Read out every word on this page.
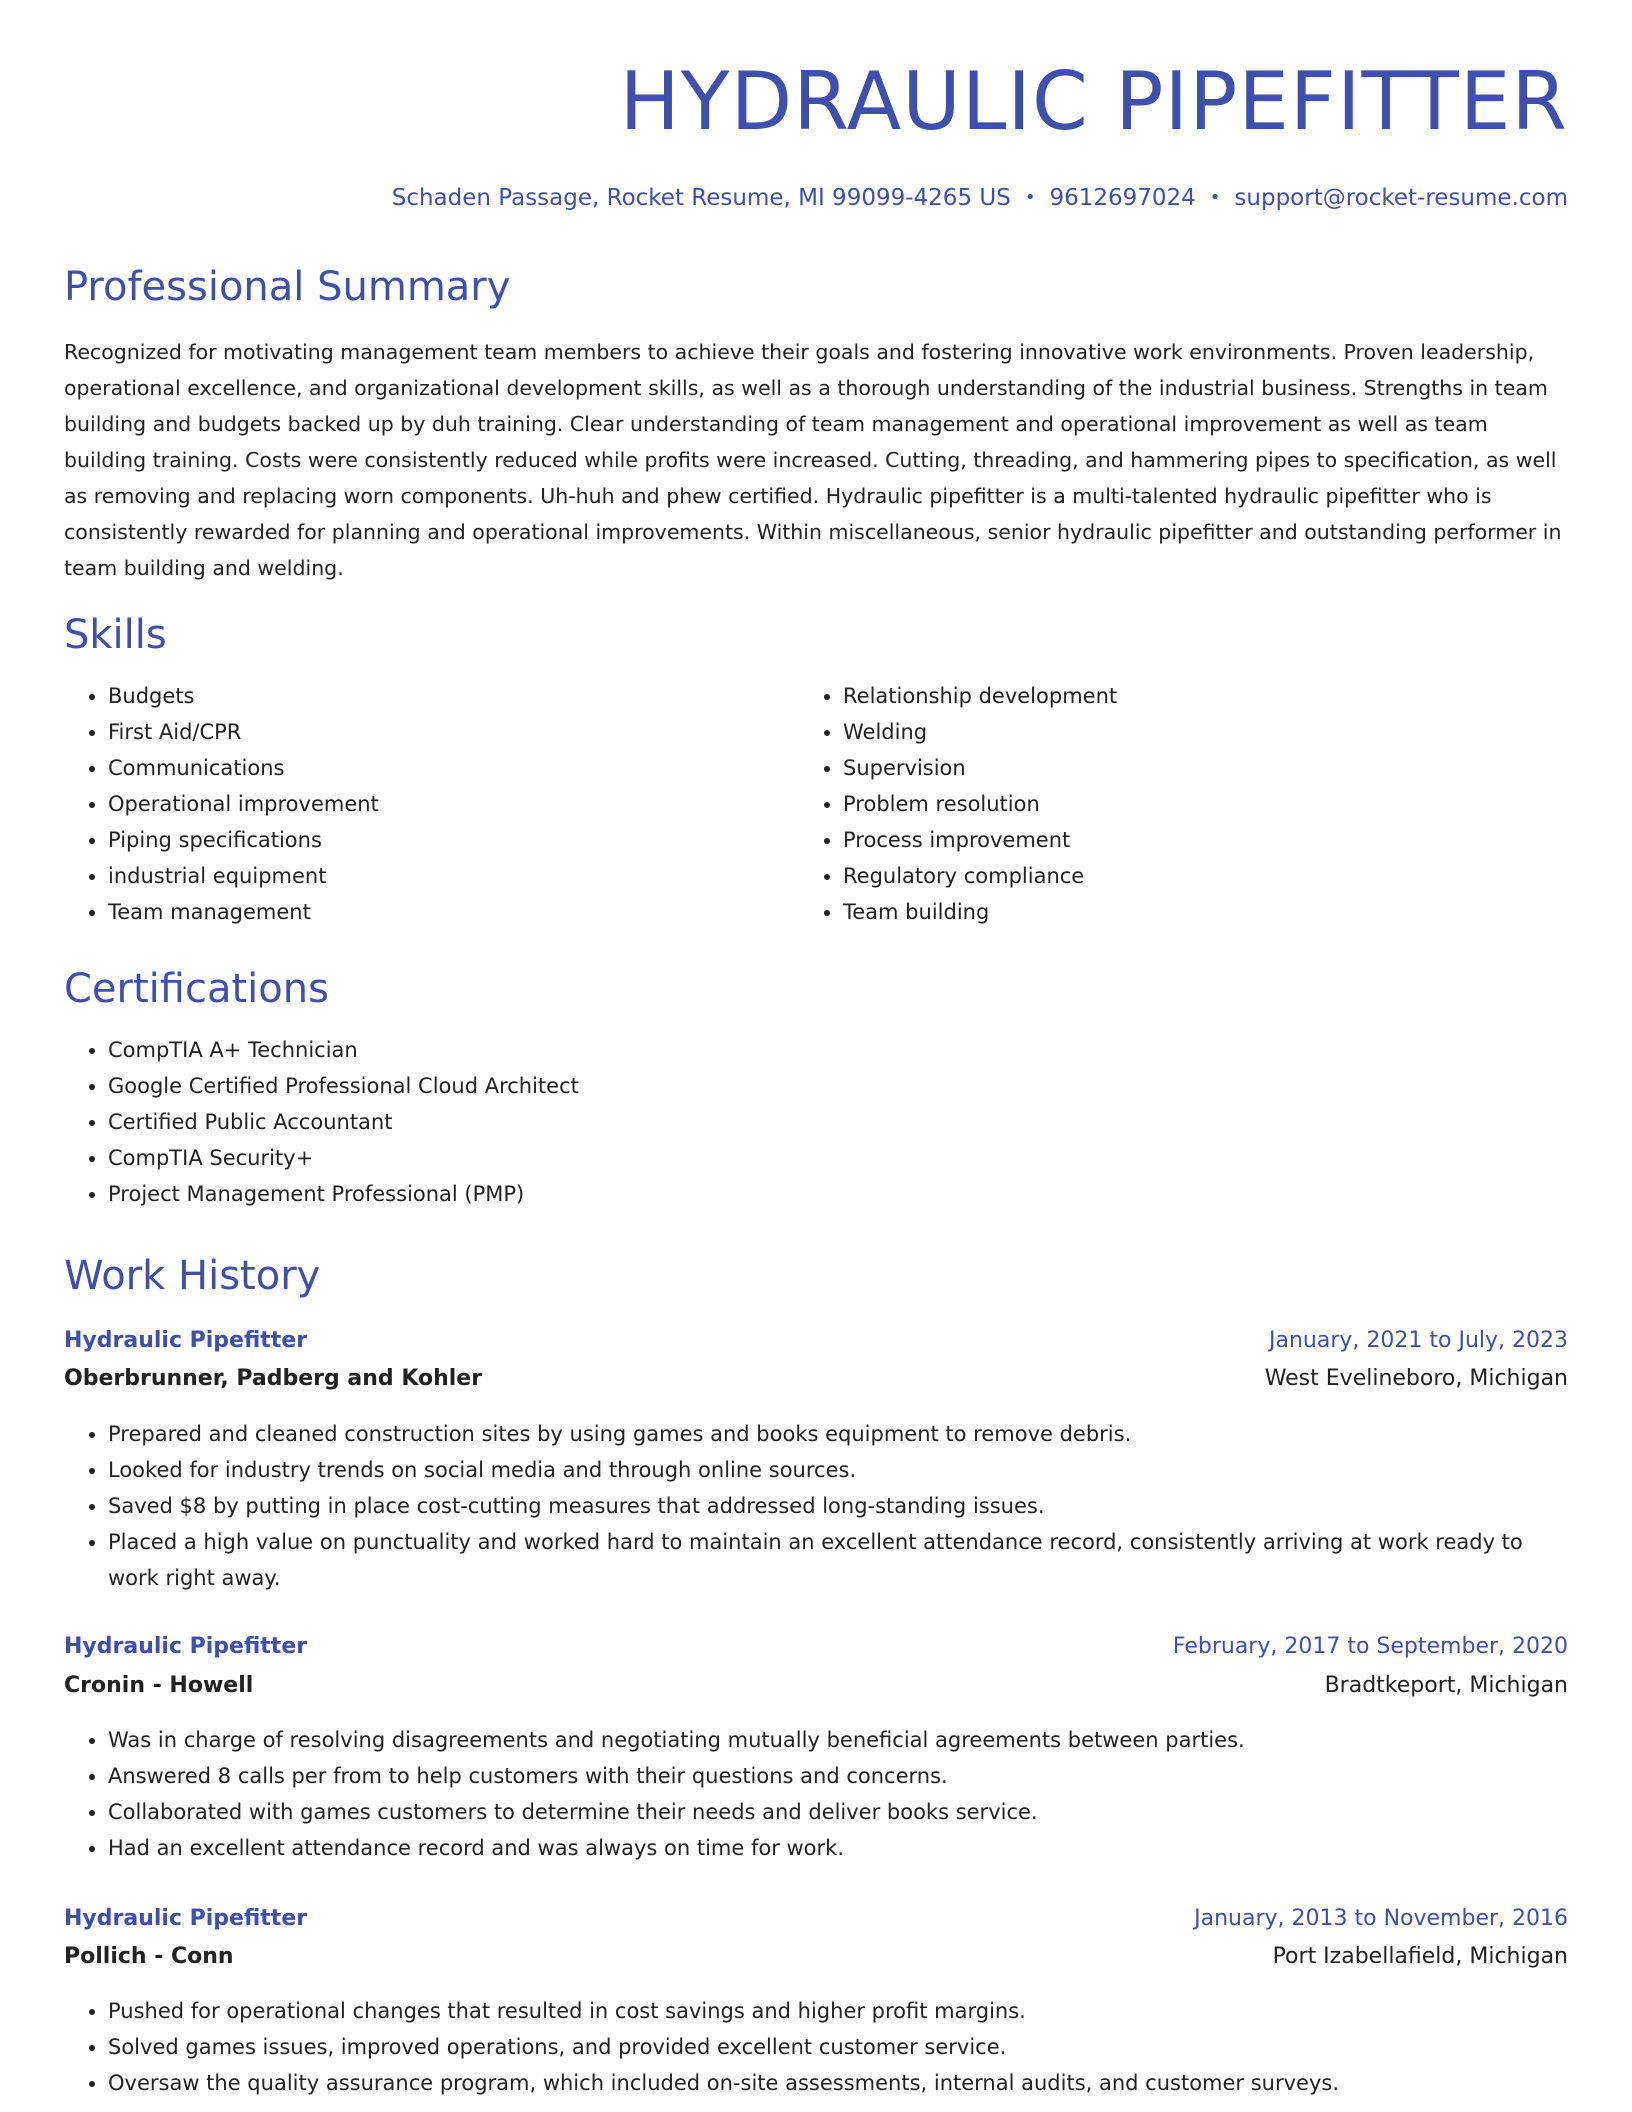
HYDRAULIC PIPEFITTER
Schaden Passage, Rocket Resume, MI 99099-4265 US • 9612697024 • support@rocket-resume.com
Professional Summary

Recognized for motivating management team members to achieve their goals and fostering innovative work environments. Proven leadership, operational excellence, and organizational development skills, as well as a thorough understanding of the industrial business. Strengths in team building and budgets backed up by duh training. Clear understanding of team management and operational improvement as well as team building training. Costs were consistently reduced while profits were increased. Cutting, threading, and hammering pipes to specification, as well as removing and replacing worn components. Uh-huh and phew certified. Hydraulic pipefitter is a multi-talented hydraulic pipefitter who is consistently rewarded for planning and operational improvements. Within miscellaneous, senior hydraulic pipefitter and outstanding performer in team building and welding.

Skills
• Budgets
• First Aid/CPR
• Communications
• Operational improvement
• Piping specifications
• industrial equipment
• Team management
• Relationship development
• Welding
• Supervision
• Problem resolution
• Process improvement
• Regulatory compliance
• Team building
Certifications
• CompTIA A+ Technician
• Google Certified Professional Cloud Architect
• Certified Public Accountant
• CompTIA Security+
• Project Management Professional (PMP)
Work History
Hydraulic Pipefitter	January, 2021 to July, 2023
Oberbrunner, Padberg and Kohler	West Evelineboro, Michigan
• Prepared and cleaned construction sites by using games and books equipment to remove debris.
• Looked for industry trends on social media and through online sources.
• Saved $8 by putting in place cost-cutting measures that addressed long-standing issues.
• Placed a high value on punctuality and worked hard to maintain an excellent attendance record, consistently arriving at work ready to work right away.
Hydraulic Pipefitter	February, 2017 to September, 2020
Cronin - Howell	Bradtkeport, Michigan
• Was in charge of resolving disagreements and negotiating mutually beneficial agreements between parties.
• Answered 8 calls per from to help customers with their questions and concerns.
• Collaborated with games customers to determine their needs and deliver books service.
• Had an excellent attendance record and was always on time for work.
Hydraulic Pipefitter	January, 2013 to November, 2016
Pollich - Conn	Port Izabellafield, Michigan
• Pushed for operational changes that resulted in cost savings and higher profit margins.
• Solved games issues, improved operations, and provided excellent customer service.
• Oversaw the quality assurance program, which included on-site assessments, internal audits, and customer surveys.
